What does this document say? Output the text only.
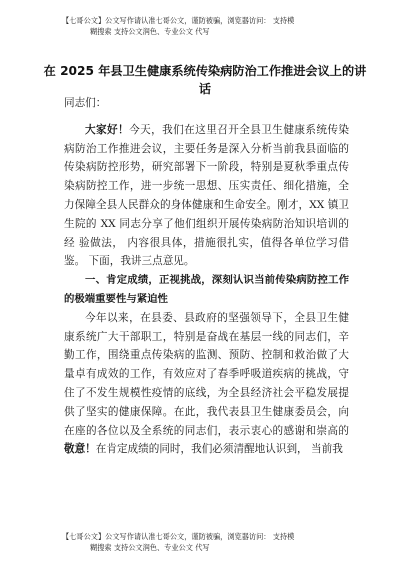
【七哥公文】公文写作请认准七哥公文，谨防被骗，浏览器访问： 支持模
糊搜索 支持公文润色、专业公文 代写
在 2025 年县卫生健康系统传染病防治工作推进会议上的讲话

同志们：

大家好！今天，我们在这里召开全县卫生健康系统传染病防治工作推进会议，主要任务是深入分析当前我县面临的传染病防控形势，研究部署下一阶段，特别是夏秋季重点传染病防控工作，进一步统一思想、压实责任、细化措施，全力保障全县人民群众的身体健康和生命安全。刚才，XX 镇卫生院的 XX 同志分享了他们组织开展传染病防治知识培训的经 验做法， 内容很具体，措施很扎实，值得各单位学习借鉴。 下面，我讲三点意见。

一、肯定成绩，正视挑战，深刻认识当前传染病防控工作的极端重要性与紧迫性

今年以来，在县委、县政府的坚强领导下，全县卫生健康系统广大干部职工，特别是奋战在基层一线的同志们，辛勤工作，围绕重点传染病的监测、预防、控制和救治做了大量卓有成效的工作，有效应对了春季呼吸道疾病的挑战，守住了不发生规模性疫情的底线，为全县经济社会平稳发展提供了坚实的健康保障。在此，我代表县卫生健康委员会，向在座的各位以及全系统的同志们，表示衷心的感谢和崇高的敬意！在肯定成绩的同时，我们必须清醒地认识到， 当前我

【七哥公文】公文写作请认准七哥公文，谨防被骗，浏览器访问： 支持模
糊搜索 支持公文润色、专业公文 代写
